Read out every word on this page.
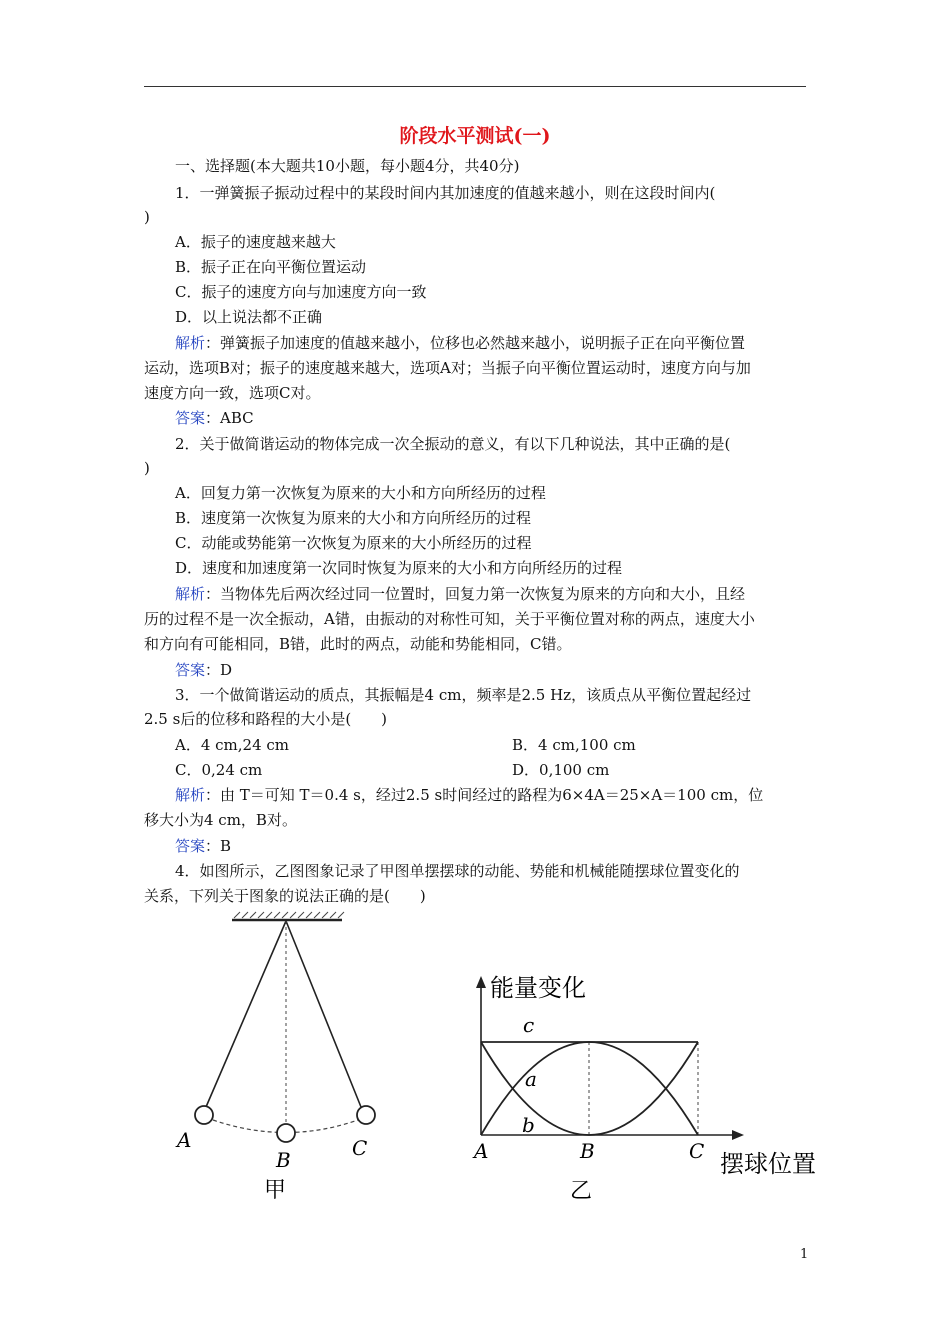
阶段水平测试(一)
一、选择题(本大题共10小题，每小题4分，共40分)
1．一弹簧振子振动过程中的某段时间内其加速度的值越来越小，则在这段时间内(
)
A．振子的速度越来越大
B．振子正在向平衡位置运动
C．振子的速度方向与加速度方向一致
D．以上说法都不正确
解析：弹簧振子加速度的值越来越小，位移也必然越来越小，说明振子正在向平衡位置
运动，选项B对；振子的速度越来越大，选项A对；当振子向平衡位置运动时，速度方向与加
速度方向一致，选项C对。
答案：ABC
2．关于做简谐运动的物体完成一次全振动的意义，有以下几种说法，其中正确的是(
)
A．回复力第一次恢复为原来的大小和方向所经历的过程
B．速度第一次恢复为原来的大小和方向所经历的过程
C．动能或势能第一次恢复为原来的大小所经历的过程
D．速度和加速度第一次同时恢复为原来的大小和方向所经历的过程
解析：当物体先后两次经过同一位置时，回复力第一次恢复为原来的方向和大小，且经
历的过程不是一次全振动，A错，由振动的对称性可知，关于平衡位置对称的两点，速度大小
和方向有可能相同，B错，此时的两点，动能和势能相同，C错。
答案：D
3．一个做简谐运动的质点，其振幅是4 cm，频率是2.5 Hz，该质点从平衡位置起经过
2.5 s后的位移和路程的大小是(　　)
A．4 cm,24 cm	B．4 cm,100 cm
C．0,24 cm	D．0,100 cm
解析：由 T＝可知 T＝0.4 s，经过2.5 s时间经过的路程为6×4A＝25×A＝100 cm，位
移大小为4 cm，B对。
答案：B
4．如图所示，乙图图象记录了甲图单摆摆球的动能、势能和机械能随摆球位置变化的
关系，下列关于图象的说法正确的是(　　)
A
B	C
甲
能量变化
c
a
b
A	B	C 摆球位置
乙
1
